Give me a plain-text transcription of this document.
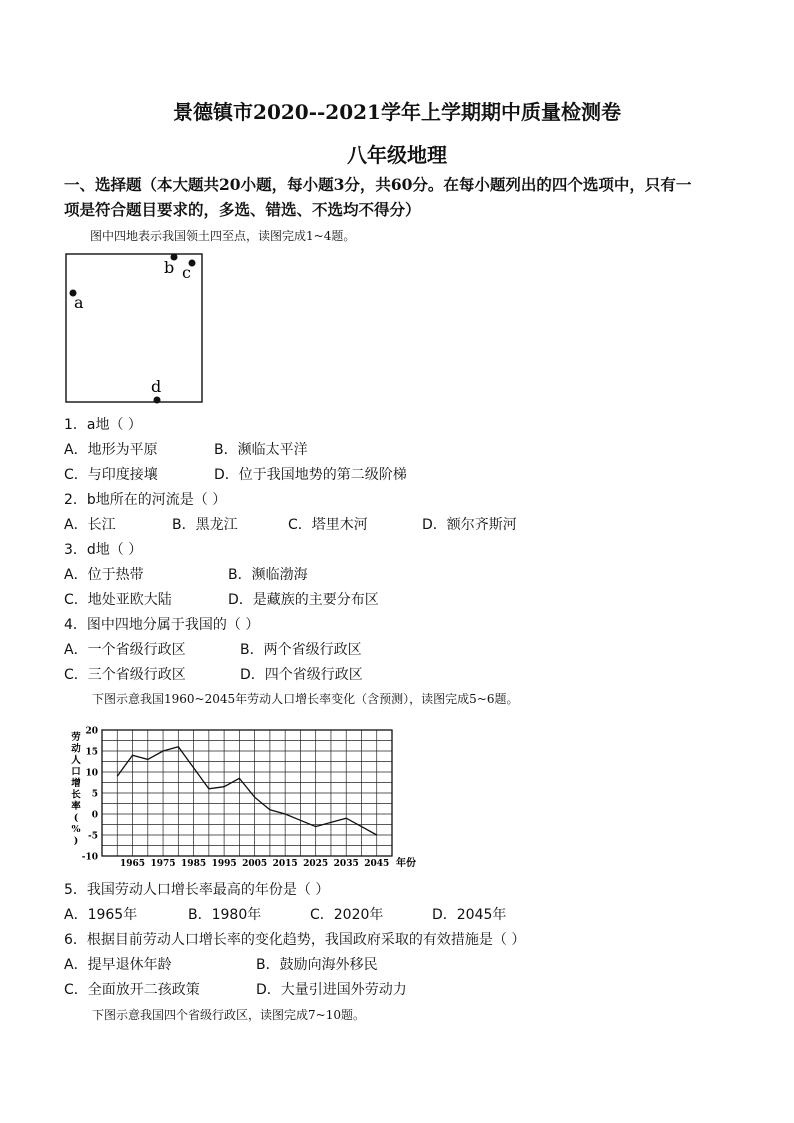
景德镇市2020--2021学年上学期期中质量检测卷
八年级地理
一、选择题（本大题共20小题，每小题3分，共60分。在每小题列出的四个选项中，只有一
项是符合题目要求的，多选、错选、不选均不得分）
图中四地表示我国领土四至点，读图完成1~4题。
b c
a
d
1．a地（ ）
A．地形为平原	B．濒临太平洋
C．与印度接壤	D．位于我国地势的第二级阶梯
2．b地所在的河流是（ ）
A．长江	B．黑龙江	C．塔里木河	D．额尔齐斯河
3．d地（ ）
A．位于热带	B．濒临渤海
C．地处亚欧大陆	D．是藏族的主要分布区
4．图中四地分属于我国的（ ）
A．一个省级行政区	B．两个省级行政区
C．三个省级行政区	D．四个省级行政区
下图示意我国1960~2045年劳动人口增长率变化（含预测），读图完成5~6题。
20
15
10
5
0
-5
-10
1965 1975 1985 1995 2005 2015 2025 2035 2045 年份
劳
动
人
口
增
长
率
(
%
)
5．我国劳动人口增长率最高的年份是（ ）
A．1965年	B．1980年	C．2020年	D．2045年
6．根据目前劳动人口增长率的变化趋势，我国政府采取的有效措施是（ ）
A．提早退休年龄	B．鼓励向海外移民
C．全面放开二孩政策	D．大量引进国外劳动力
下图示意我国四个省级行政区，读图完成7~10题。
